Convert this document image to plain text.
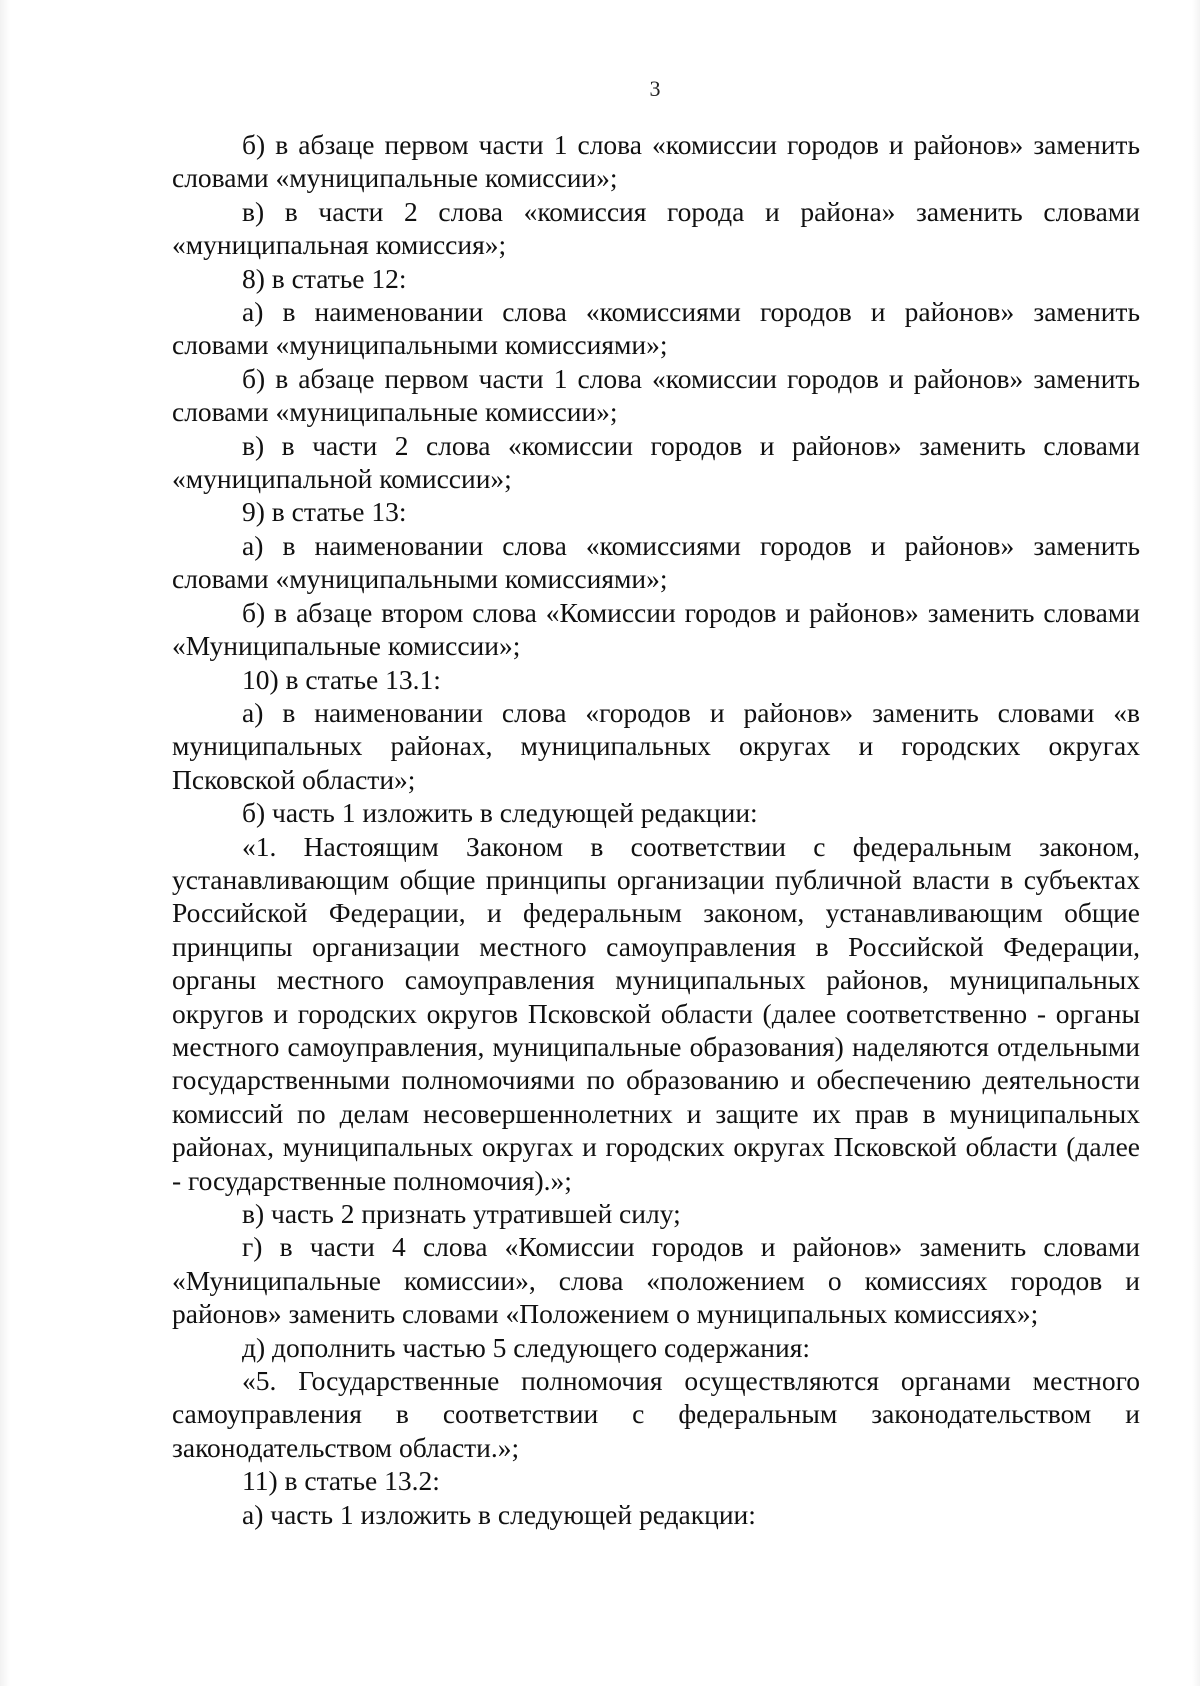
3

б) в абзаце первом части 1 слова «комиссии городов и районов» заменить словами «муниципальные комиссии»;

в) в части 2 слова «комиссия города и района» заменить словами «муниципальная комиссия»;

8) в статье 12:

а) в наименовании слова «комиссиями городов и районов» заменить словами «муниципальными комиссиями»;

б) в абзаце первом части 1 слова «комиссии городов и районов» заменить словами «муниципальные комиссии»;

в) в части 2 слова «комиссии городов и районов» заменить словами «муниципальной комиссии»;

9) в статье 13:

а) в наименовании слова «комиссиями городов и районов» заменить словами «муниципальными комиссиями»;

б) в абзаце втором слова «Комиссии городов и районов» заменить словами «Муниципальные комиссии»;

10) в статье 13.1:

а) в наименовании слова «городов и районов» заменить словами «в муниципальных районах, муниципальных округах и городских округах Псковской области»;

б) часть 1 изложить в следующей редакции:

«1. Настоящим Законом в соответствии с федеральным законом, устанавливающим общие принципы организации публичной власти в субъектах Российской Федерации, и федеральным законом, устанавливающим общие принципы организации местного самоуправления в Российской Федерации, органы местного самоуправления муниципальных районов, муниципальных округов и городских округов Псковской области (далее соответственно - органы местного самоуправления, муниципальные образования) наделяются отдельными государственными полномочиями по образованию и обеспечению деятельности комиссий по делам несовершеннолетних и защите их прав в муниципальных районах, муниципальных округах и городских округах Псковской области (далее - государственные полномочия).»;

в) часть 2 признать утратившей силу;

г) в части 4 слова «Комиссии городов и районов» заменить словами «Муниципальные комиссии», слова «положением о комиссиях городов и районов» заменить словами «Положением о муниципальных комиссиях»;

д) дополнить частью 5 следующего содержания:

«5. Государственные полномочия осуществляются органами местного самоуправления в соответствии с федеральным законодательством и законодательством области.»;

11) в статье 13.2:

а) часть 1 изложить в следующей редакции:
